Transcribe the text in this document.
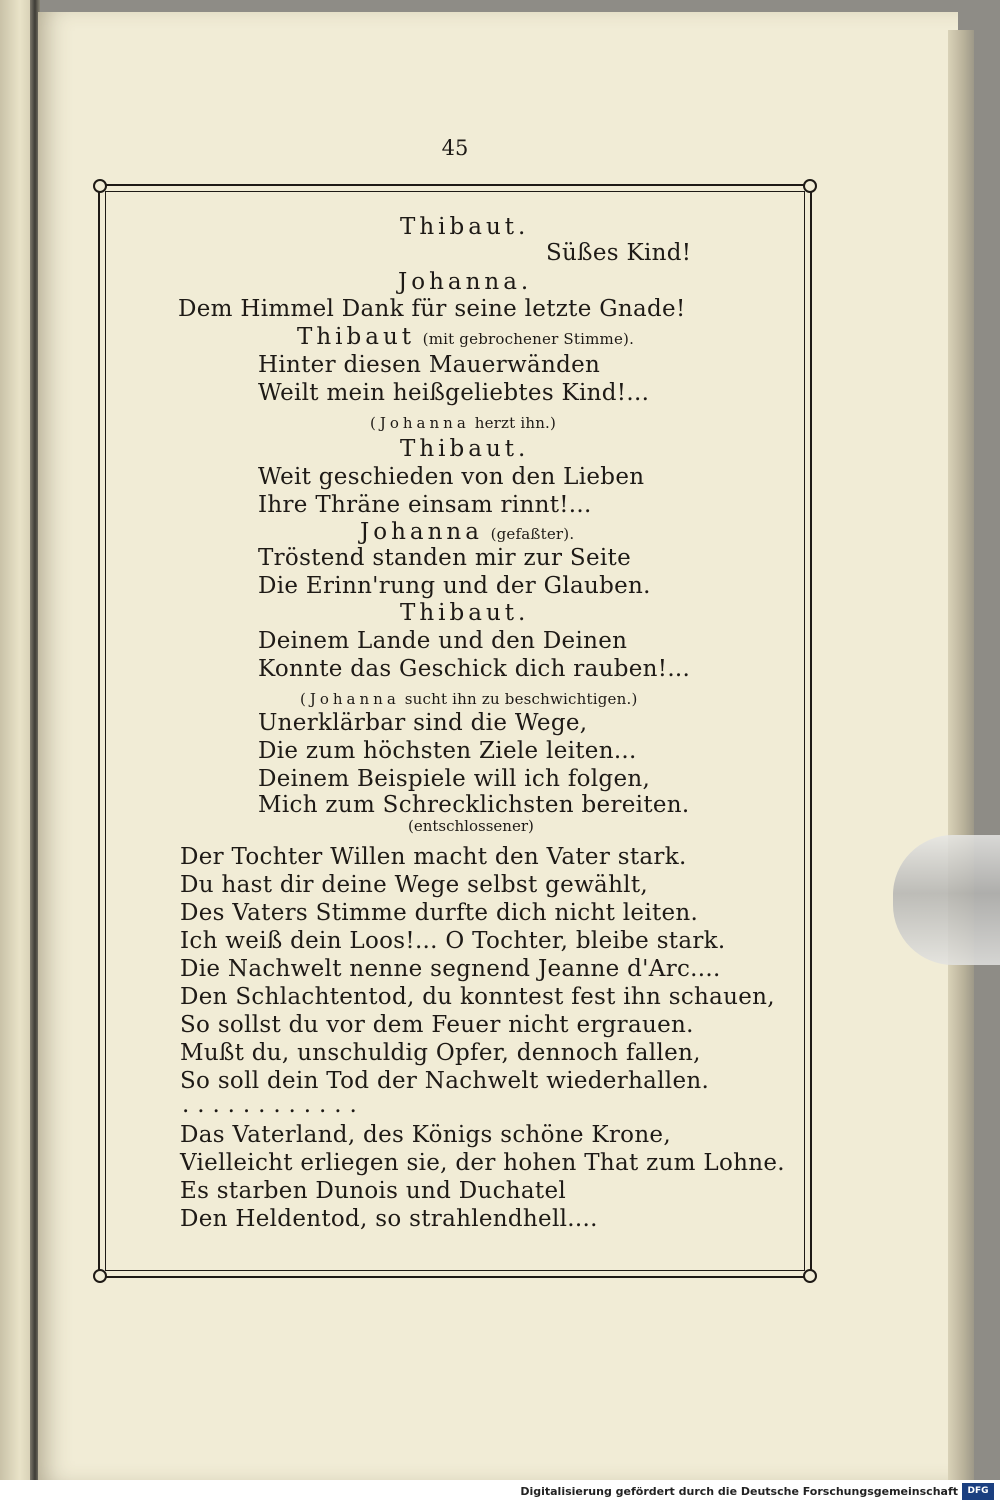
45
Thibaut.
Süßes Kind!
Johanna.
Dem Himmel Dank für seine letzte Gnade!
Thibaut (mit gebrochener Stimme).
Hinter diesen Mauerwänden
Weilt mein heißgeliebtes Kind!...
(Johanna herzt ihn.)
Thibaut.
Weit geschieden von den Lieben
Ihre Thräne einsam rinnt!...
Johanna (gefaßter).
Tröstend standen mir zur Seite
Die Erinn'rung und der Glauben.
Thibaut.
Deinem Lande und den Deinen
Konnte das Geschick dich rauben!...
(Johanna sucht ihn zu beschwichtigen.)
Unerklärbar sind die Wege,
Die zum höchsten Ziele leiten...
Deinem Beispiele will ich folgen,
Mich zum Schrecklichsten bereiten.
(entschlossener)
Der Tochter Willen macht den Vater stark.
Du hast dir deine Wege selbst gewählt,
Des Vaters Stimme durfte dich nicht leiten.
Ich weiß dein Loos!... O Tochter, bleibe stark.
Die Nachwelt nenne segnend Jeanne d'Arc....
Den Schlachtentod, du konntest fest ihn schauen,
So sollst du vor dem Feuer nicht ergrauen.
Mußt du, unschuldig Opfer, dennoch fallen,
So soll dein Tod der Nachwelt wiederhallen.
. . . . . . . . . . . .
Das Vaterland, des Königs schöne Krone,
Vielleicht erliegen sie, der hohen That zum Lohne.
Es starben Dunois und Duchatel
Den Heldentod, so strahlendhell....
Digitalisierung gefördert durch die Deutsche Forschungsgemeinschaft	DFG
